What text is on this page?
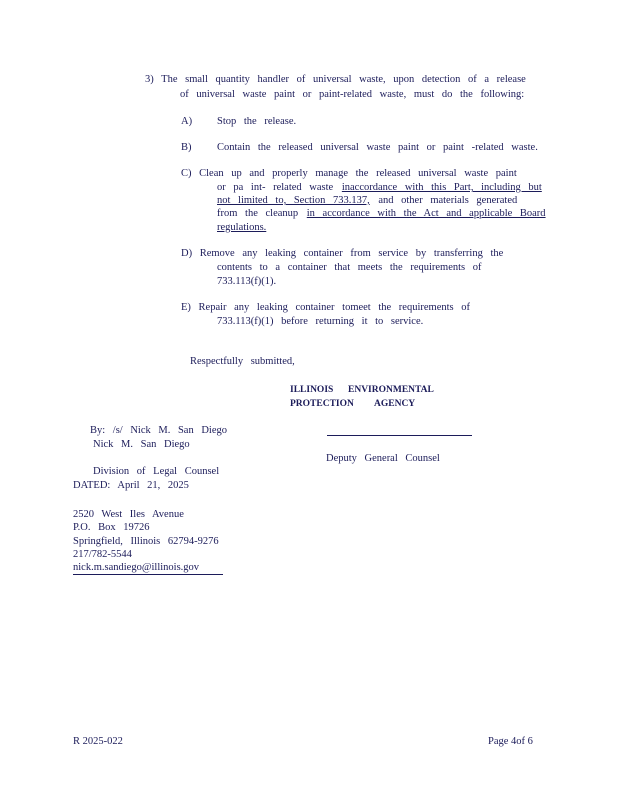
3) The small quantity handler of universal waste, upon detection of a release
of universal waste paint or paint-related waste, must do the following:
A) Stop the release.
B) Contain the released universal waste paint or paint -related waste.
C) Clean up and properly manage the released universal waste paint
or pa int- related waste inaccordance with this Part, including but
not limited to, Section 733.137, and other materials generated
from the cleanup in accordance with the Act and applicable Board
regulations.
D) Remove any leaking container from service by transferring the
contents to a container that meets the requirements of
733.113(f)(1).
E) Repair any leaking container tomeet the requirements of
733.113(f)(1) before returning it to service.
Respectfully submitted,
ILLINOIS ENVIRONMENTAL
PROTECTION AGENCY
By: /s/ Nick M. San Diego
Nick M. San Diego
Deputy General Counsel
Division of Legal Counsel
DATED: April 21, 2025
2520 West Iles Avenue
P.O. Box 19726
Springfield, Illinois 62794-9276
217/782-5544
nick.m.sandiego@illinois.gov
R 2025-022	Page 4of 6
